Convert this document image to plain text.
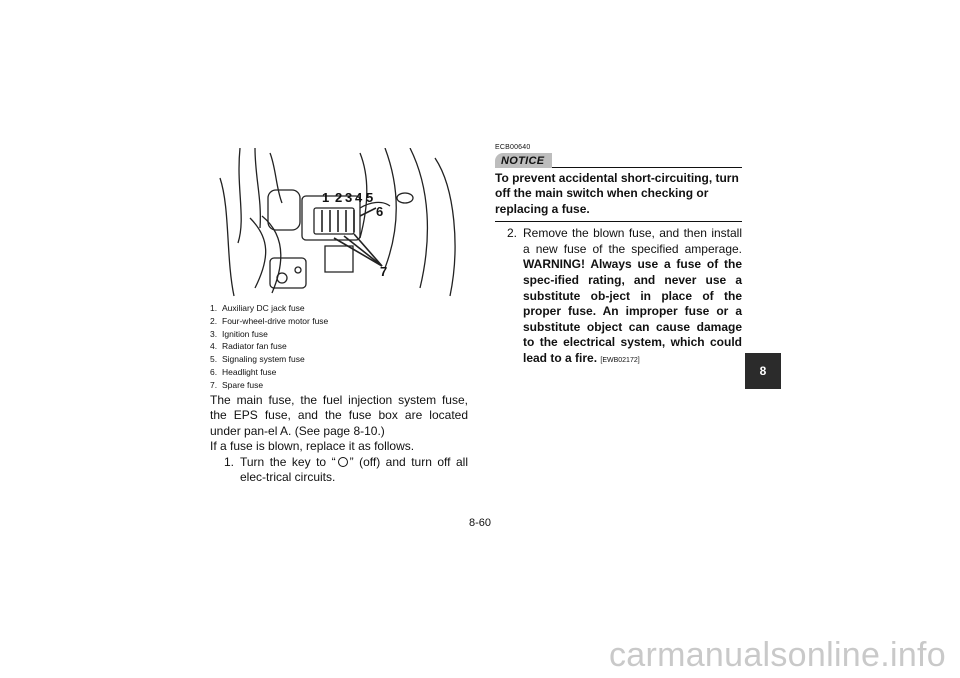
1 2 3 4 5
6
7
1. Auxiliary DC jack fuse
2. Four-wheel-drive motor fuse
3. Ignition fuse
4. Radiator fan fuse
5. Signaling system fuse
6. Headlight fuse
7. Spare fuse

The main fuse, the fuel injection system fuse, the EPS fuse, and the fuse box are located under pan-el A. (See page 8-10.)

If a fuse is blown, replace it as follows.

1. Turn the key to “ ” (off) and turn off all elec-trical circuits.
ECB00640
NOTICE

To prevent accidental short-circuiting, turn off the main switch when checking or replacing a fuse.

2. Remove the blown fuse, and then install a new fuse of the specified amperage. WARNING! Always use a fuse of the spec-ified rating, and never use a substitute ob-ject in place of the proper fuse. An improper fuse or a substitute object can cause damage to the electrical system, which could lead to a fire. [EWB02172]
8
8-60
carmanualsonline.info
